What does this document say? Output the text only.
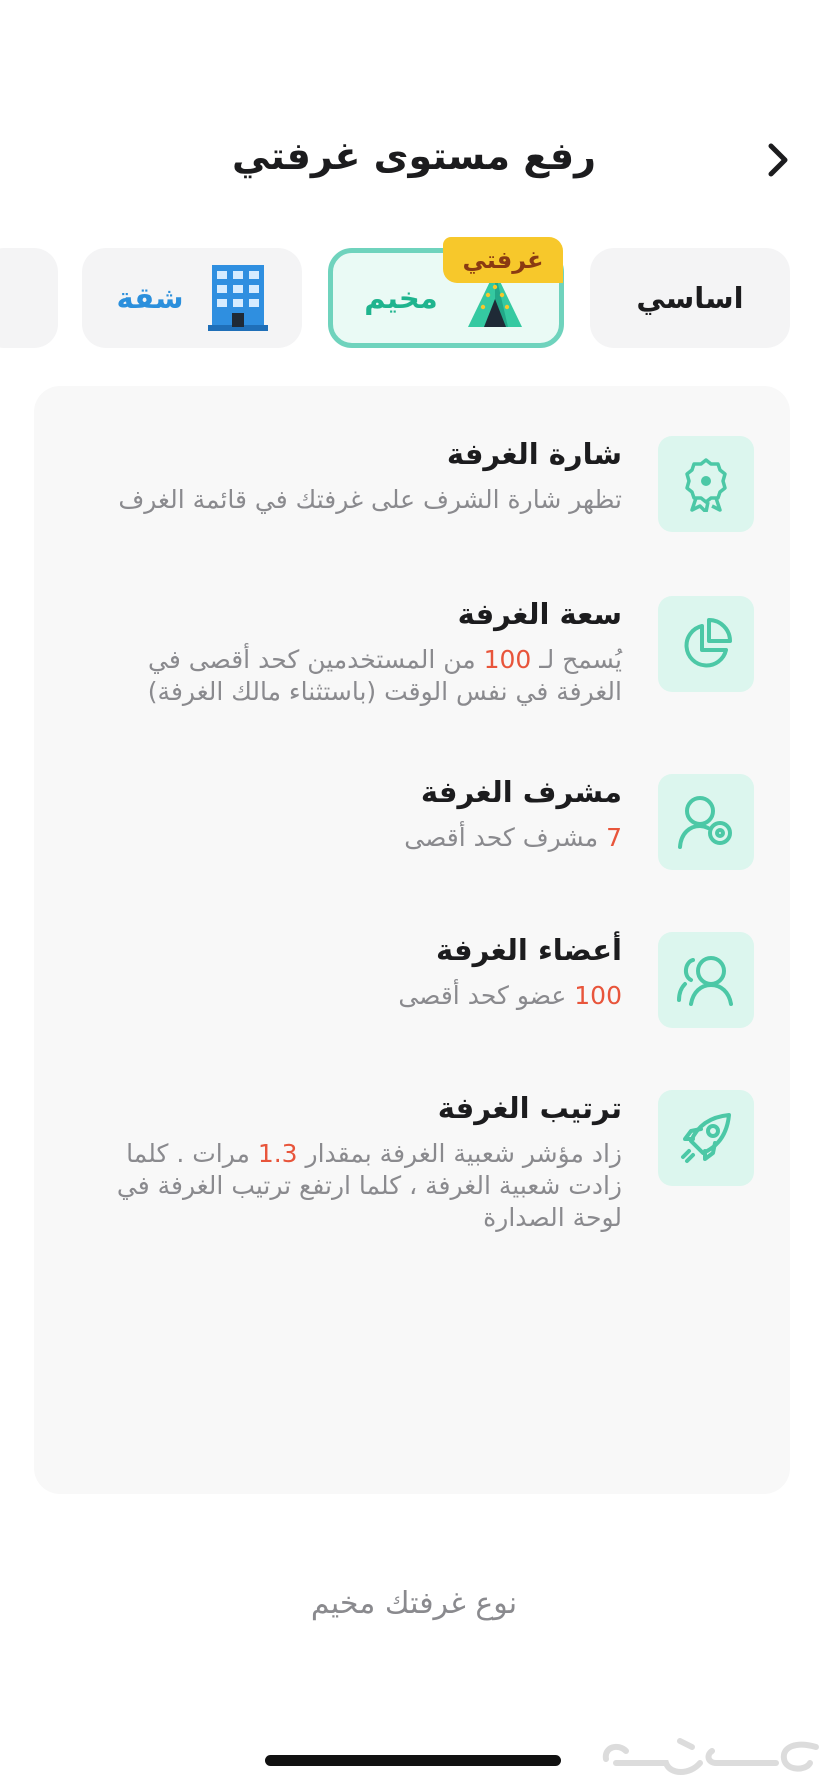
رفع مستوى غرفتي
اساسي
غرفتي
مخيم
شقة
شارة الغرفة
تظهر شارة الشرف على غرفتك في قائمة الغرف
سعة الغرفة
يُسمح لـ 100 من المستخدمين كحد أقصى في الغرفة في نفس الوقت (باستثناء مالك الغرفة)
مشرف الغرفة
7 مشرف كحد أقصى
أعضاء الغرفة
100 عضو كحد أقصى
ترتيب الغرفة
زاد مؤشر شعبية الغرفة بمقدار 1.3 مرات . كلما زادت شعبية الغرفة ، كلما ارتفع ترتيب الغرفة في لوحة الصدارة
نوع غرفتك مخيم
